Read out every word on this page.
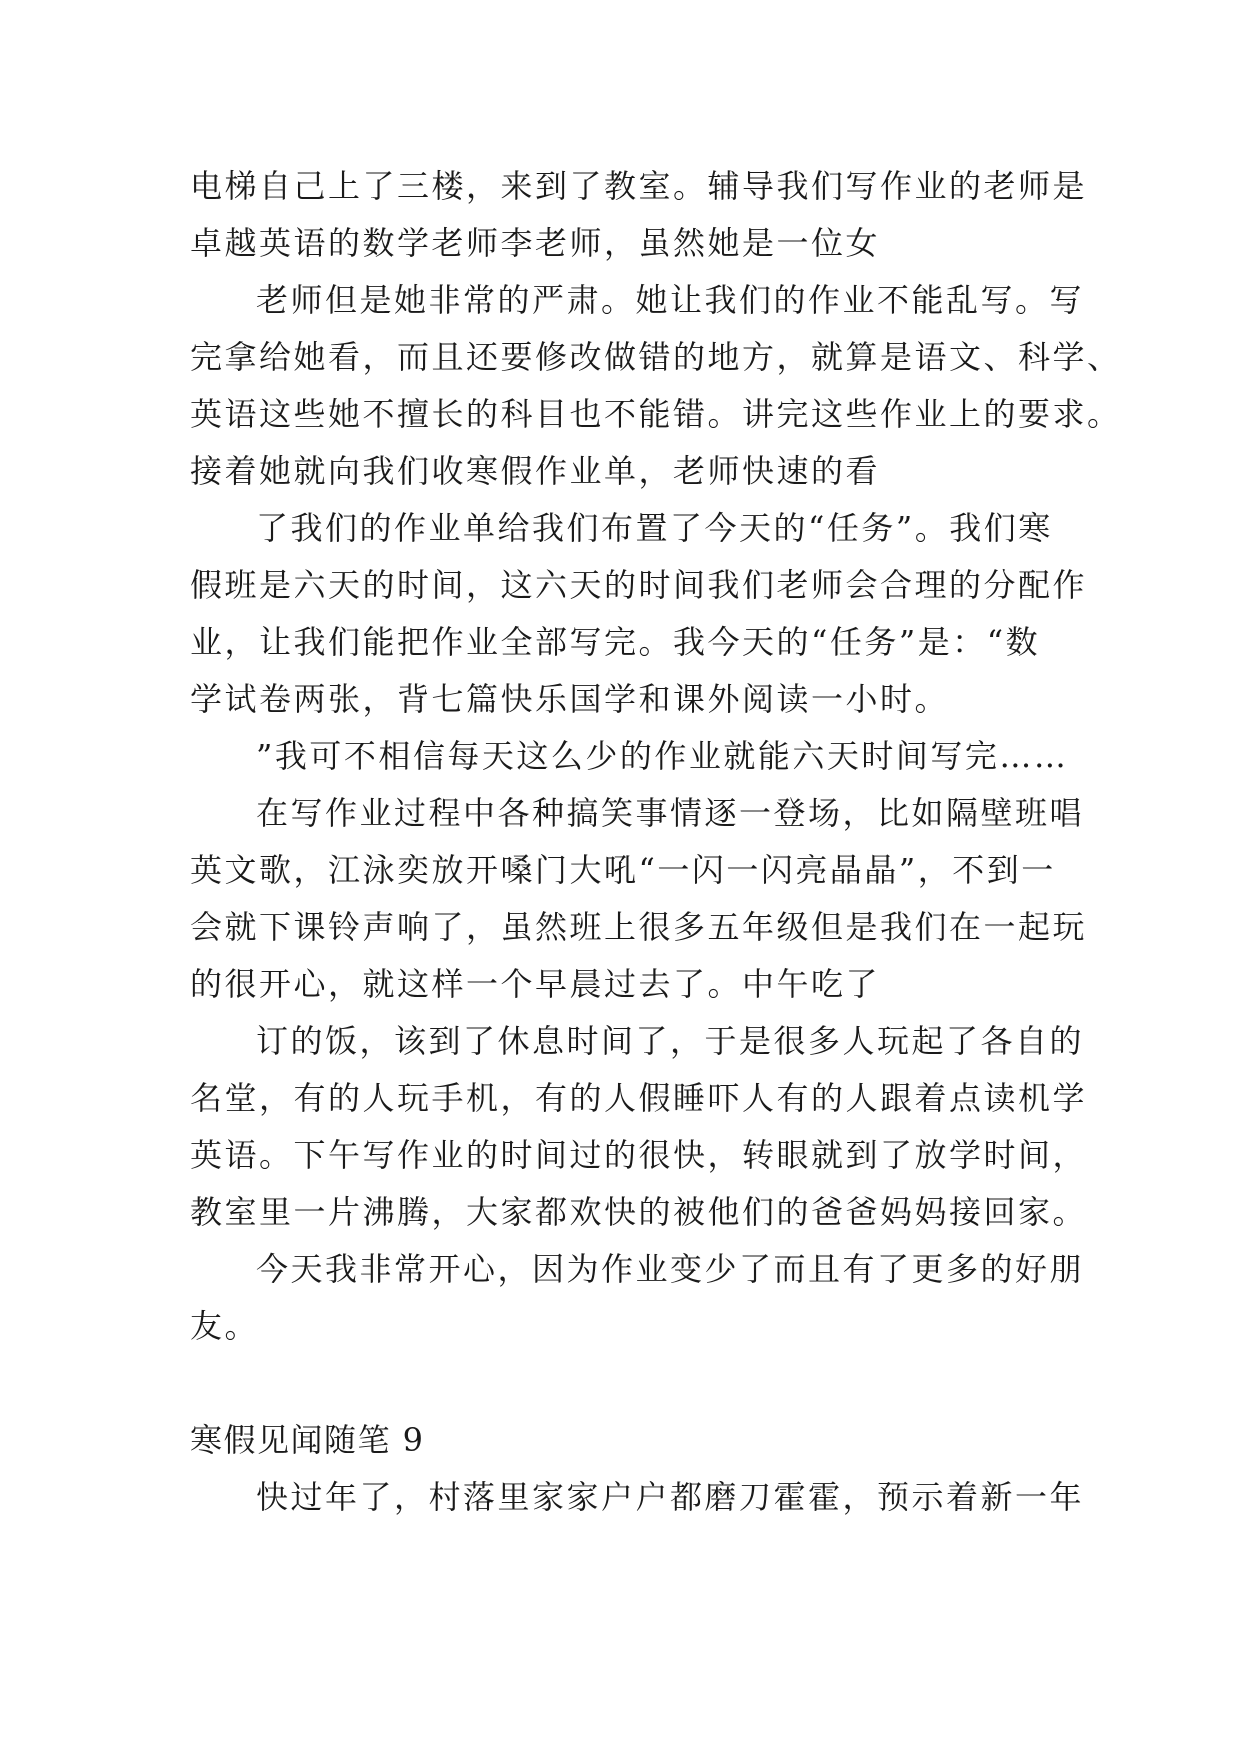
电梯自己上了三楼，来到了教室。辅导我们写作业的老师是
卓越英语的数学老师李老师，虽然她是一位女
老师但是她非常的严肃。她让我们的作业不能乱写。写
完拿给她看，而且还要修改做错的地方，就算是语文、科学、
英语这些她不擅长的科目也不能错。讲完这些作业上的要求。
接着她就向我们收寒假作业单，老师快速的看
了我们的作业单给我们布置了今天的“任务”。我们寒
假班是六天的时间，这六天的时间我们老师会合理的分配作
业，让我们能把作业全部写完。我今天的“任务”是：“数
学试卷两张，背七篇快乐国学和课外阅读一小时。
”我可不相信每天这么少的作业就能六天时间写完……
在写作业过程中各种搞笑事情逐一登场，比如隔壁班唱
英文歌，江泳奕放开嗓门大吼“一闪一闪亮晶晶”，不到一
会就下课铃声响了，虽然班上很多五年级但是我们在一起玩
的很开心，就这样一个早晨过去了。中午吃了
订的饭，该到了休息时间了，于是很多人玩起了各自的
名堂，有的人玩手机，有的人假睡吓人有的人跟着点读机学
英语。下午写作业的时间过的很快，转眼就到了放学时间，
教室里一片沸腾，大家都欢快的被他们的爸爸妈妈接回家。
今天我非常开心，因为作业变少了而且有了更多的好朋
友。
寒假见闻随笔 9
快过年了，村落里家家户户都磨刀霍霍，预示着新一年
